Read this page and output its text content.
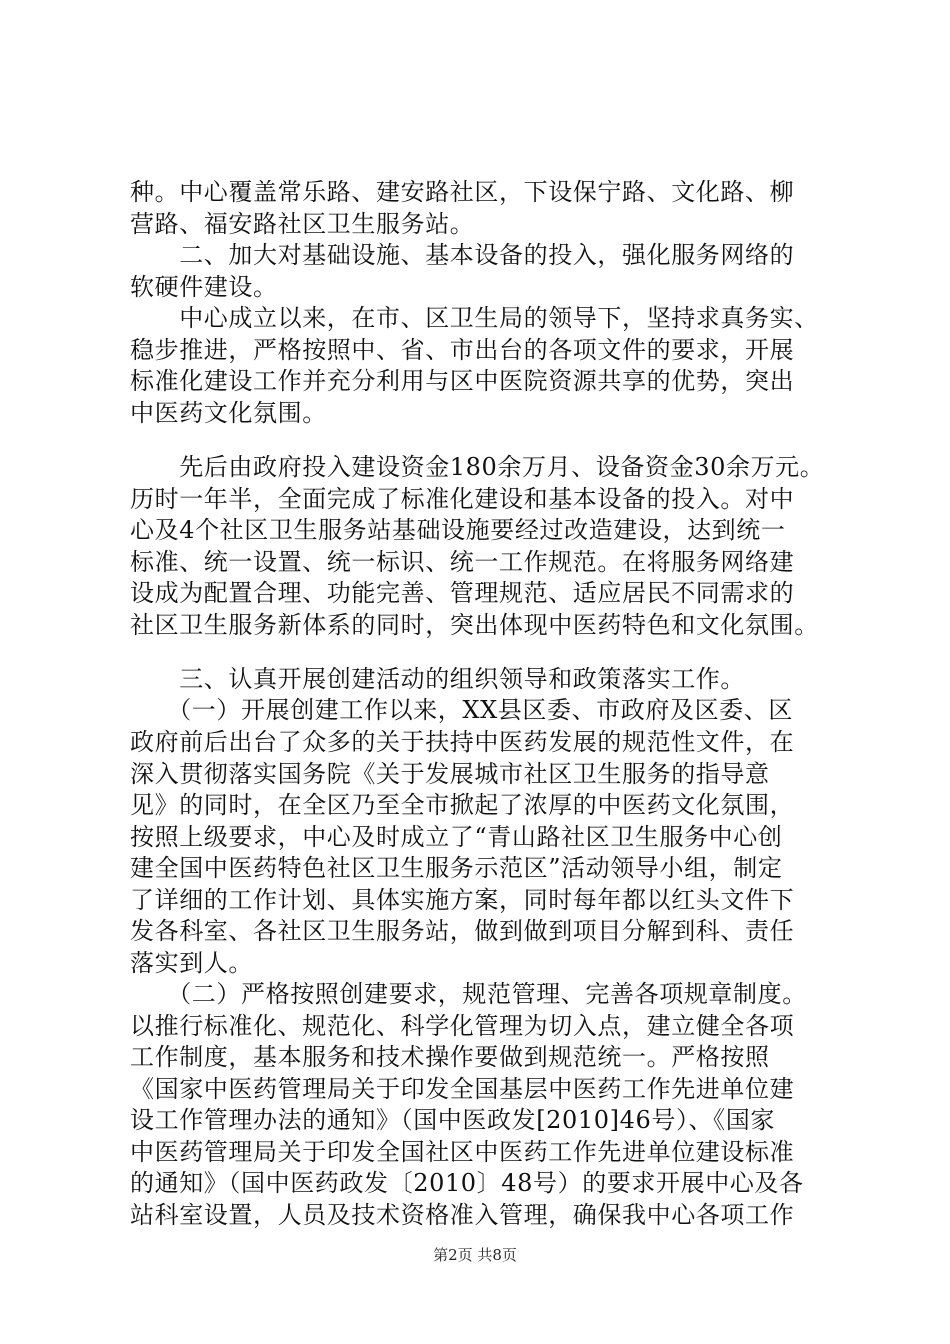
种。中心覆盖常乐路、建安路社区，下设保宁路、文化路、柳
营路、福安路社区卫生服务站。
　　二、加大对基础设施、基本设备的投入，强化服务网络的
软硬件建设。
　　中心成立以来，在市、区卫生局的领导下，坚持求真务实、
稳步推进，严格按照中、省、市出台的各项文件的要求，开展
标准化建设工作并充分利用与区中医院资源共享的优势，突出
中医药文化氛围。
　　先后由政府投入建设资金180余万月、设备资金30余万元。
历时一年半，全面完成了标准化建设和基本设备的投入。对中
心及4个社区卫生服务站基础设施要经过改造建设，达到统一
标准、统一设置、统一标识、统一工作规范。在将服务网络建
设成为配置合理、功能完善、管理规范、适应居民不同需求的
社区卫生服务新体系的同时，突出体现中医药特色和文化氛围。
　　三、认真开展创建活动的组织领导和政策落实工作。
　　（一）开展创建工作以来，XX县区委、市政府及区委、区
政府前后出台了众多的关于扶持中医药发展的规范性文件，在
深入贯彻落实国务院《关于发展城市社区卫生服务的指导意
见》的同时，在全区乃至全市掀起了浓厚的中医药文化氛围，
按照上级要求，中心及时成立了“青山路社区卫生服务中心创
建全国中医药特色社区卫生服务示范区”活动领导小组，制定
了详细的工作计划、具体实施方案，同时每年都以红头文件下
发各科室、各社区卫生服务站，做到做到项目分解到科、责任
落实到人。
　　（二）严格按照创建要求，规范管理、完善各项规章制度。
以推行标准化、规范化、科学化管理为切入点，建立健全各项
工作制度，基本服务和技术操作要做到规范统一。严格按照
《国家中医药管理局关于印发全国基层中医药工作先进单位建
设工作管理办法的通知》（国中医政发[2010]46号）、《国家
中医药管理局关于印发全国社区中医药工作先进单位建设标准
的通知》（国中医药政发〔2010〕48号）的要求开展中心及各
站科室设置，人员及技术资格准入管理，确保我中心各项工作
第2页 共8页
